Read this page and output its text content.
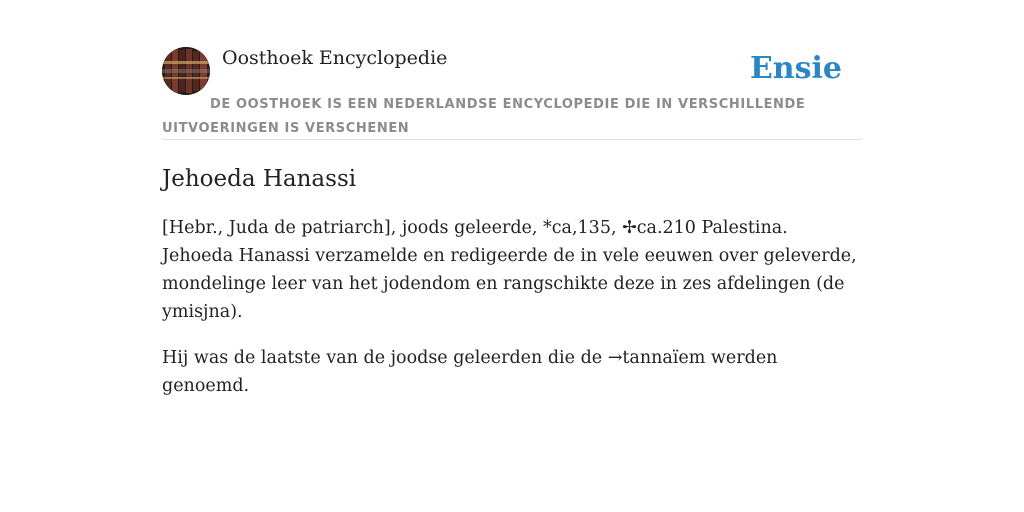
Oosthoek Encyclopedie	Ensie
DE OOSTHOEK IS EEN NEDERLANDSE ENCYCLOPEDIE DIE IN VERSCHILLENDE UITVOERINGEN IS VERSCHENEN
Jehoeda Hanassi

[Hebr., Juda de patriarch], joods geleerde, *ca,135, ✢ca.210 Palestina. Jehoeda Hanassi verzamelde en redigeerde de in vele eeuwen over geleverde, mondelinge leer van het jodendom en rangschikte deze in zes afdelingen (de ymisjna).

Hij was de laatste van de joodse geleerden die de →tannaïem werden genoemd.
